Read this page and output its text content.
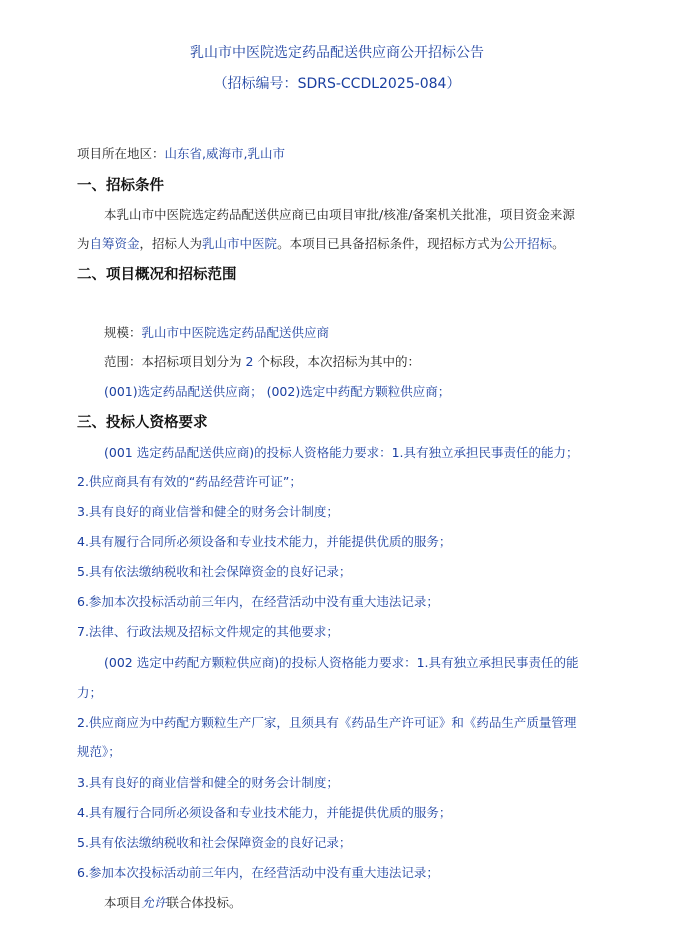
乳山市中医院选定药品配送供应商公开招标公告
（招标编号：SDRS-CCDL2025-084）
项目所在地区：山东省,威海市,乳山市
一、招标条件
本乳山市中医院选定药品配送供应商已由项目审批/核准/备案机关批准，项目资金来源
为自筹资金，招标人为乳山市中医院。本项目已具备招标条件，现招标方式为公开招标。
二、项目概况和招标范围
规模：乳山市中医院选定药品配送供应商
范围：本招标项目划分为 2 个标段，本次招标为其中的：
(001)选定药品配送供应商； (002)选定中药配方颗粒供应商；
三、投标人资格要求
(001 选定药品配送供应商)的投标人资格能力要求：1.具有独立承担民事责任的能力；
2.供应商具有有效的“药品经营许可证”；
3.具有良好的商业信誉和健全的财务会计制度；
4.具有履行合同所必须设备和专业技术能力，并能提供优质的服务；
5.具有依法缴纳税收和社会保障资金的良好记录；
6.参加本次投标活动前三年内，在经营活动中没有重大违法记录；
7.法律、行政法规及招标文件规定的其他要求；
(002 选定中药配方颗粒供应商)的投标人资格能力要求：1.具有独立承担民事责任的能
力；
2.供应商应为中药配方颗粒生产厂家，且须具有《药品生产许可证》和《药品生产质量管理
规范》；
3.具有良好的商业信誉和健全的财务会计制度；
4.具有履行合同所必须设备和专业技术能力，并能提供优质的服务；
5.具有依法缴纳税收和社会保障资金的良好记录；
6.参加本次投标活动前三年内，在经营活动中没有重大违法记录；
本项目允许联合体投标。
